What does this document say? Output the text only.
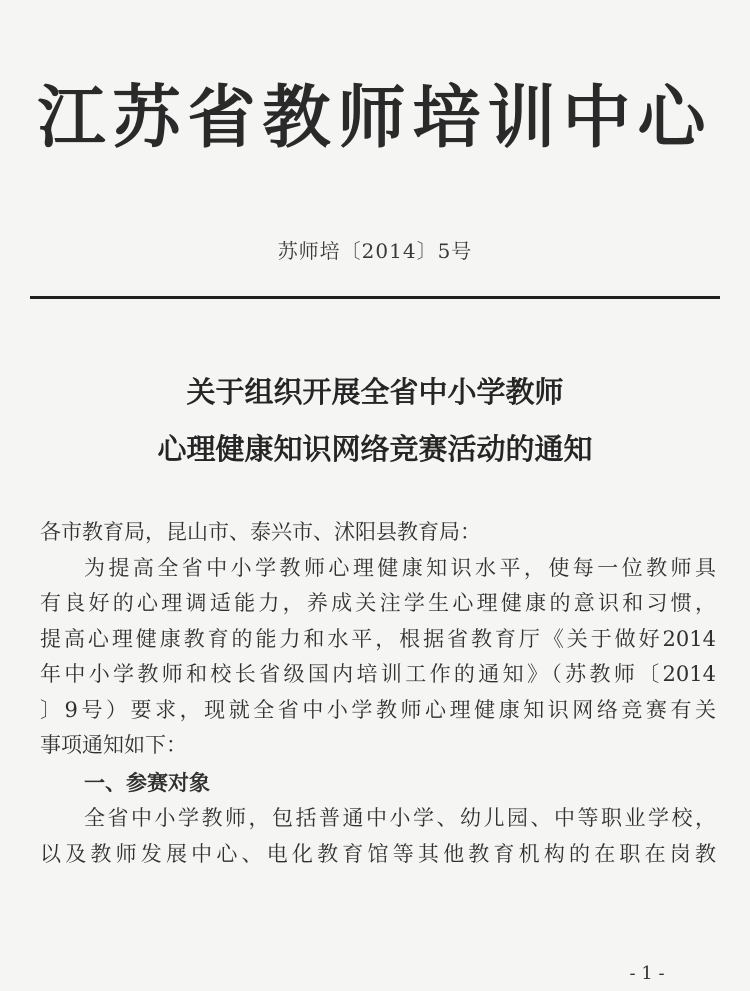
江苏省教师培训中心
苏师培〔2014〕5号
关于组织开展全省中小学教师
心理健康知识网络竞赛活动的通知
各市教育局，昆山市、泰兴市、沭阳县教育局：
为提高全省中小学教师心理健康知识水平，使每一位教师具
有良好的心理调适能力，养成关注学生心理健康的意识和习惯，
提高心理健康教育的能力和水平，根据省教育厅《关于做好2014
年中小学教师和校长省级国内培训工作的通知》（苏教师〔2014
〕9号）要求，现就全省中小学教师心理健康知识网络竞赛有关
事项通知如下：
一、参赛对象
全省中小学教师，包括普通中小学、幼儿园、中等职业学校，
以及教师发展中心、电化教育馆等其他教育机构的在职在岗教
- 1 -
